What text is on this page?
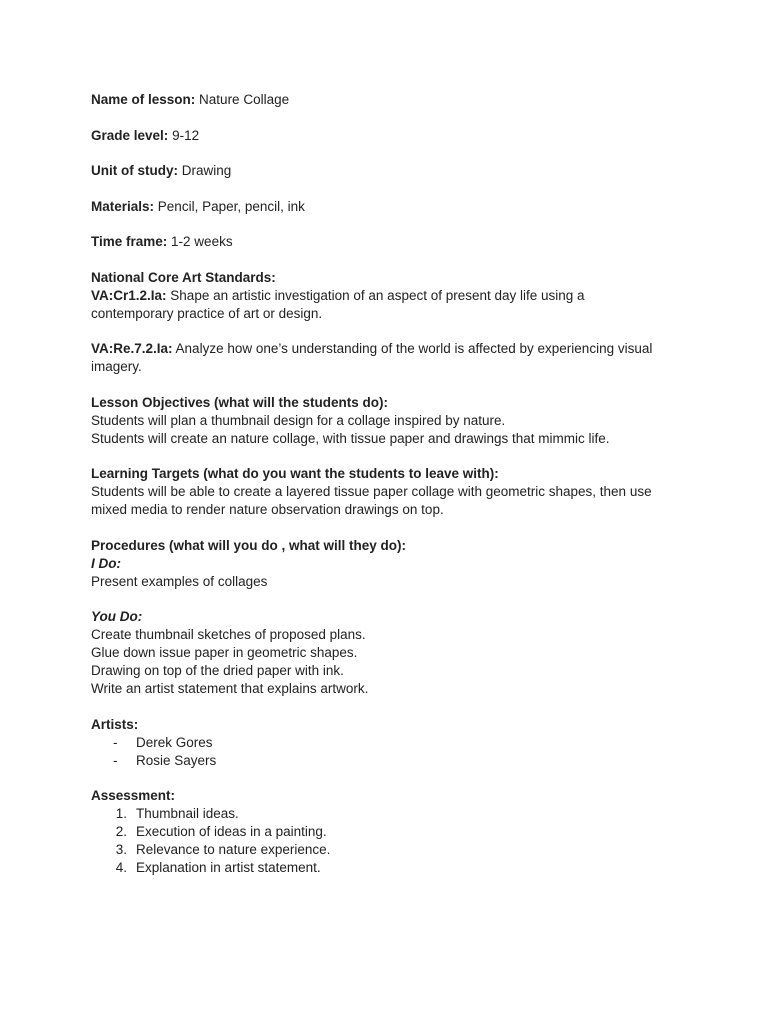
Name of lesson: Nature Collage
Grade level: 9-12
Unit of study: Drawing
Materials: Pencil, Paper, pencil, ink
Time frame: 1-2 weeks
National Core Art Standards:
VA:Cr1.2.Ia: Shape an artistic investigation of an aspect of present day life using a
contemporary practice of art or design.
VA:Re.7.2.Ia: Analyze how one’s understanding of the world is affected by experiencing visual
imagery.
Lesson Objectives (what will the students do):
Students will plan a thumbnail design for a collage inspired by nature.
Students will create an nature collage, with tissue paper and drawings that mimmic life.
Learning Targets (what do you want the students to leave with):
Students will be able to create a layered tissue paper collage with geometric shapes, then use
mixed media to render nature observation drawings on top.
Procedures (what will you do , what will they do):
I Do:
Present examples of collages
You Do:
Create thumbnail sketches of proposed plans.
Glue down issue paper in geometric shapes.
Drawing on top of the dried paper with ink.
Write an artist statement that explains artwork.
Artists:
- Derek Gores
- Rosie Sayers
Assessment:
1. Thumbnail ideas.
2. Execution of ideas in a painting.
3. Relevance to nature experience.
4. Explanation in artist statement.
